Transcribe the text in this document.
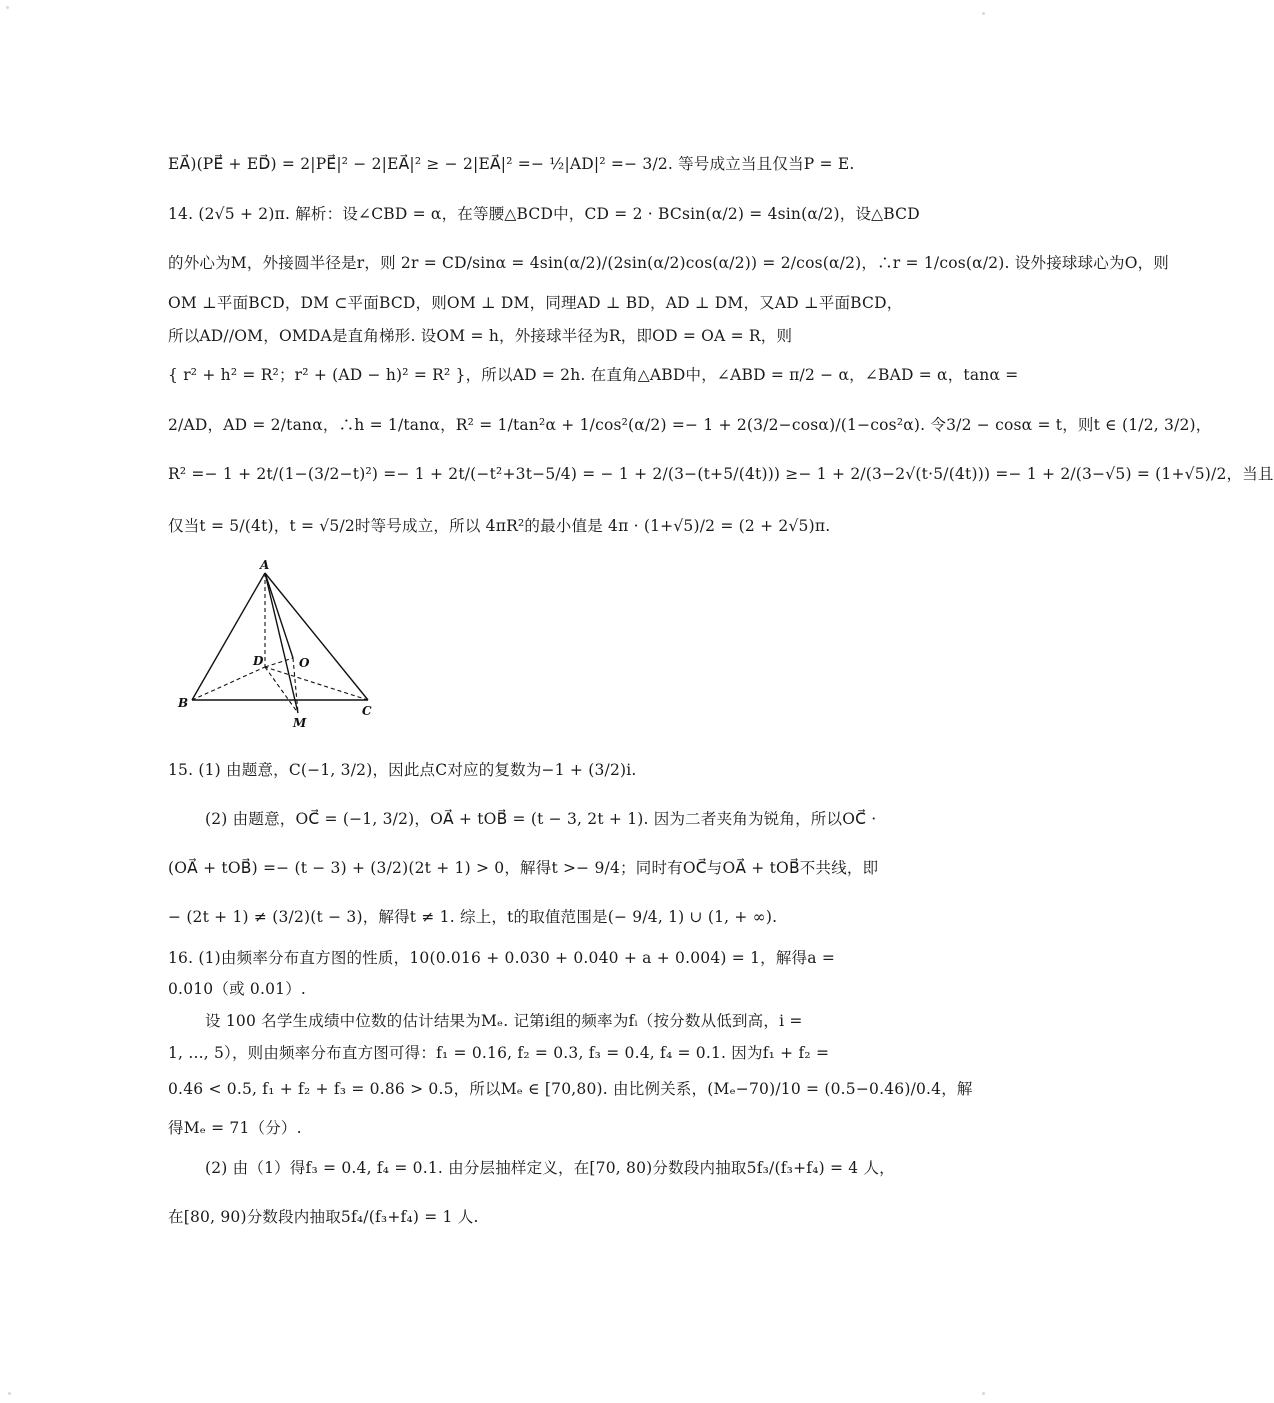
EA⃗)(PE⃗ + ED⃗) = 2|PE⃗|² − 2|EA⃗|² ≥ − 2|EA⃗|² =− ½|AD|² =− 3/2. 等号成立当且仅当P = E.
14. (2√5 + 2)π. 解析：设∠CBD = α，在等腰△BCD中，CD = 2 · BCsin(α/2) = 4sin(α/2)，设△BCD
的外心为M，外接圆半径是r，则 2r = CD/sinα = 4sin(α/2)/(2sin(α/2)cos(α/2)) = 2/cos(α/2)，∴r = 1/cos(α/2). 设外接球球心为O，则
OM ⊥平面BCD，DM ⊂平面BCD，则OM ⊥ DM，同理AD ⊥ BD，AD ⊥ DM，又AD ⊥平面BCD，
所以AD//OM，OMDA是直角梯形. 设OM = h，外接球半径为R，即OD = OA = R，则
{ r² + h² = R²；r² + (AD − h)² = R² }，所以AD = 2h. 在直角△ABD中，∠ABD = π/2 − α，∠BAD = α，tanα =
2/AD，AD = 2/tanα，∴h = 1/tanα，R² = 1/tan²α + 1/cos²(α/2) =− 1 + 2(3/2−cosα)/(1−cos²α). 令3/2 − cosα = t，则t ∈ (1/2, 3/2)，
R² =− 1 + 2t/(1−(3/2−t)²) =− 1 + 2t/(−t²+3t−5/4) = − 1 + 2/(3−(t+5/(4t))) ≥− 1 + 2/(3−2√(t·5/(4t))) =− 1 + 2/(3−√5) = (1+√5)/2，当且
仅当t = 5/(4t)，t = √5/2时等号成立，所以 4πR²的最小值是 4π · (1+√5)/2 = (2 + 2√5)π.
A
B
C
D	O
M
15. (1) 由题意，C(−1, 3/2)，因此点C对应的复数为−1 + (3/2)i.
(2) 由题意，OC⃗ = (−1, 3/2)，OA⃗ + tOB⃗ = (t − 3, 2t + 1). 因为二者夹角为锐角，所以OC⃗ ·
(OA⃗ + tOB⃗) =− (t − 3) + (3/2)(2t + 1) > 0，解得t >− 9/4；同时有OC⃗与OA⃗ + tOB⃗不共线，即
− (2t + 1) ≠ (3/2)(t − 3)，解得t ≠ 1. 综上，t的取值范围是(− 9/4, 1) ∪ (1, + ∞).
16. (1)由频率分布直方图的性质，10(0.016 + 0.030 + 0.040 + a + 0.004) = 1，解得a =
0.010（或 0.01）.
设 100 名学生成绩中位数的估计结果为Mₑ. 记第i组的频率为fᵢ（按分数从低到高，i =
1, ..., 5），则由频率分布直方图可得：f₁ = 0.16, f₂ = 0.3, f₃ = 0.4, f₄ = 0.1. 因为f₁ + f₂ =
0.46 < 0.5, f₁ + f₂ + f₃ = 0.86 > 0.5，所以Mₑ ∈ [70,80). 由比例关系，(Mₑ−70)/10 = (0.5−0.46)/0.4，解
得Mₑ = 71（分）.
(2) 由（1）得f₃ = 0.4, f₄ = 0.1. 由分层抽样定义，在[70, 80)分数段内抽取5f₃/(f₃+f₄) = 4 人，
在[80, 90)分数段内抽取5f₄/(f₃+f₄) = 1 人.
